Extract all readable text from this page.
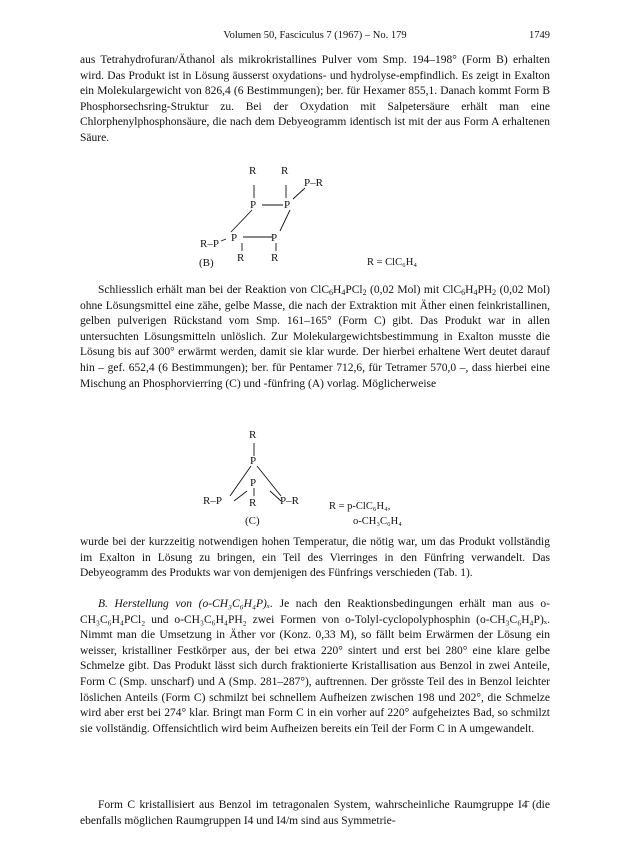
Volumen 50, Fasciculus 7 (1967) – No. 179	1749

aus Tetrahydrofuran/Äthanol als mikrokristallines Pulver vom Smp. 194–198° (Form B) erhalten wird. Das Produkt ist in Lösung äusserst oxydations- und hydrolyse-empfindlich. Es zeigt in Exalton ein Molekulargewicht von 826,4 (6 Bestimmungen); ber. für Hexamer 855,1. Danach kommt Form B Phosphorsechsring-Struktur zu. Bei der Oxydation mit Salpetersäure erhält man eine Chlorphenylphosphonsäure, die nach dem Debyeogramm identisch ist mit der aus Form A erhaltenen Säure.

R R
P	P
P–R
P	P
R–P
R R
(B)	R = ClC₆H₄

Schliesslich erhält man bei der Reaktion von $ClC_6H_4PCl_2$ (0,02 Mol) mit $ClC_6H_4PH_2$ (0,02 Mol) ohne Lösungsmittel eine zähe, gelbe Masse, die nach der Extraktion mit Äther einen feinkristallinen, gelben pulverigen Rückstand vom Smp. 161–165° (Form C) gibt. Das Produkt war in allen untersuchten Lösungsmitteln unlöslich. Zur Molekulargewichtsbestimmung in Exalton musste die Lösung bis auf 300° erwärmt werden, damit sie klar wurde. Der hierbei erhaltene Wert deutet darauf hin – gef. 652,4 (6 Bestimmungen); ber. für Pentamer 712,6, für Tetramer 570,0 –, dass hierbei eine Mischung an Phosphorvierring (C) und -fünfring (A) vorlag. Möglicherweise

R
P
P
R–P	P–R
R
(C)
R = p-ClC₆H₄,
o-CH₃C₆H₄

wurde bei der kurzzeitig notwendigen hohen Temperatur, die nötig war, um das Produkt vollständig im Exalton in Lösung zu bringen, ein Teil des Vierringes in den Fünfring verwandelt. Das Debyeogramm des Produkts war von demjenigen des Fünfrings verschieden (Tab. 1).

B. Herstellung von (o-CH₃C₆H₄P)ₓ. Je nach den Reaktionsbedingungen erhält man aus o-CH₃C₆H₄PCl₂ und o-CH₃C₆H₄PH₂ zwei Formen von o-Tolyl-cyclopolyphosphin (o-CH₃C₆H₄P)ₓ. Nimmt man die Umsetzung in Äther vor (Konz. 0,33 M), so fällt beim Erwärmen der Lösung ein weisser, kristalliner Festkörper aus, der bei etwa 220° sintert und erst bei 280° eine klare gelbe Schmelze gibt. Das Produkt lässt sich durch fraktionierte Kristallisation aus Benzol in zwei Anteile, Form C (Smp. unscharf) und A (Smp. 281–287°), auftrennen. Der grösste Teil des in Benzol leichter löslichen Anteils (Form C) schmilzt bei schnellem Aufheizen zwischen 198 und 202°, die Schmelze wird aber erst bei 274° klar. Bringt man Form C in ein vorher auf 220° aufgeheiztes Bad, so schmilzt sie vollständig. Offensichtlich wird beim Aufheizen bereits ein Teil der Form C in A umgewandelt.

Form C kristallisiert aus Benzol im tetragonalen System, wahrscheinliche Raumgruppe I4̄ (die ebenfalls möglichen Raumgruppen I4 und I4/m sind aus Symmetrie-
